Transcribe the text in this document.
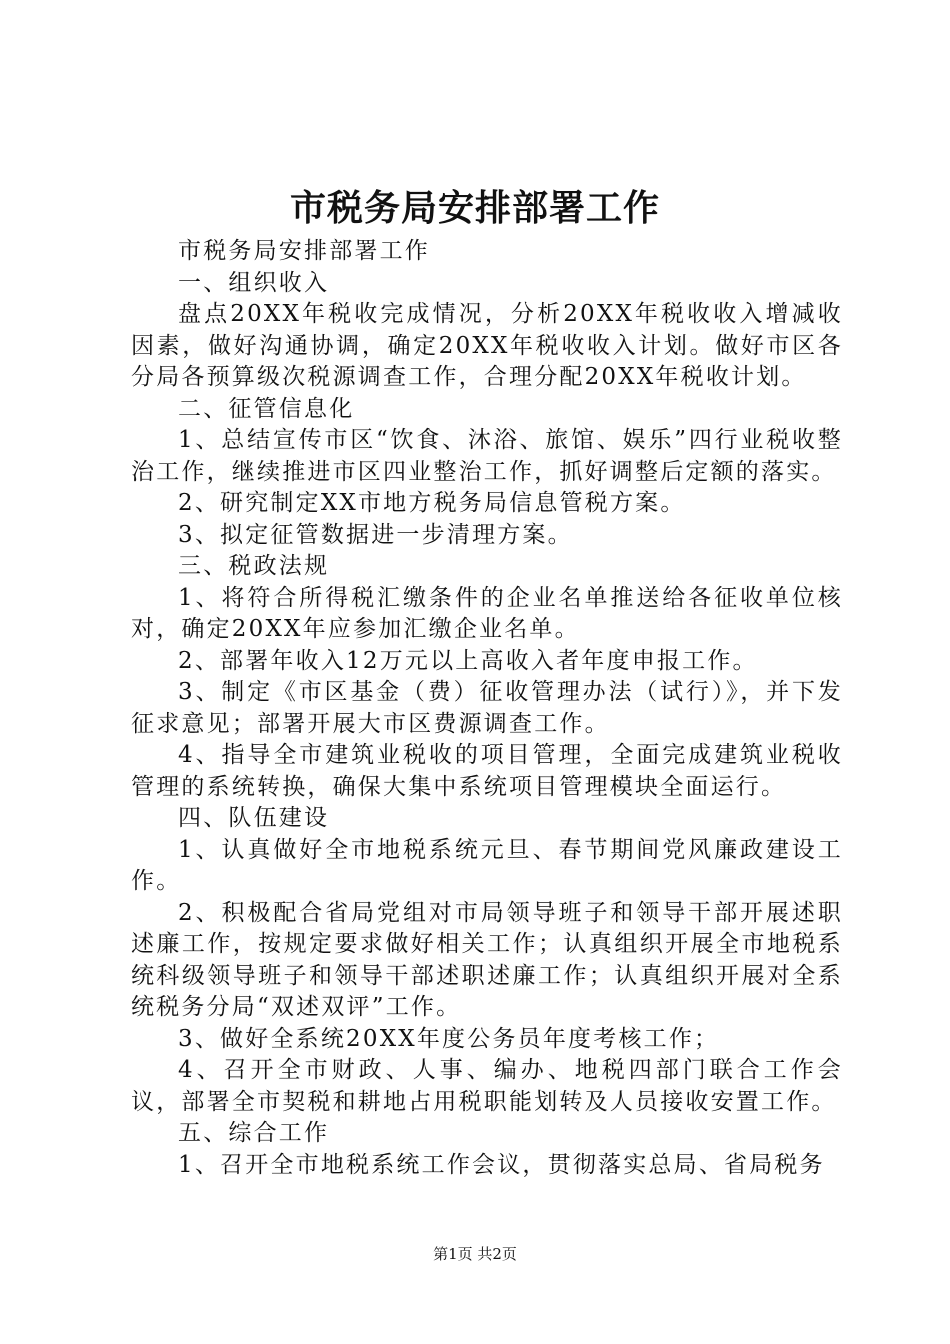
市税务局安排部署工作

市税务局安排部署工作

一、组织收入

盘点20XX年税收完成情况，分析20XX年税收收入增减收因素，做好沟通协调，确定20XX年税收收入计划。做好市区各分局各预算级次税源调查工作，合理分配20XX年税收计划。

二、征管信息化

1、总结宣传市区“饮食、沐浴、旅馆、娱乐”四行业税收整治工作，继续推进市区四业整治工作，抓好调整后定额的落实。

2、研究制定XX市地方税务局信息管税方案。

3、拟定征管数据进一步清理方案。

三、税政法规

1、将符合所得税汇缴条件的企业名单推送给各征收单位核对，确定20XX年应参加汇缴企业名单。

2、部署年收入12万元以上高收入者年度申报工作。

3、制定《市区基金（费）征收管理办法（试行）》，并下发征求意见；部署开展大市区费源调查工作。

4、指导全市建筑业税收的项目管理，全面完成建筑业税收管理的系统转换，确保大集中系统项目管理模块全面运行。

四、队伍建设

1、认真做好全市地税系统元旦、春节期间党风廉政建设工作。

2、积极配合省局党组对市局领导班子和领导干部开展述职述廉工作，按规定要求做好相关工作；认真组织开展全市地税系统科级领导班子和领导干部述职述廉工作；认真组织开展对全系统税务分局“双述双评”工作。

3、做好全系统20XX年度公务员年度考核工作；

4、召开全市财政、人事、编办、地税四部门联合工作会议，部署全市契税和耕地占用税职能划转及人员接收安置工作。

五、综合工作

1、召开全市地税系统工作会议，贯彻落实总局、省局税务

第1页 共2页
